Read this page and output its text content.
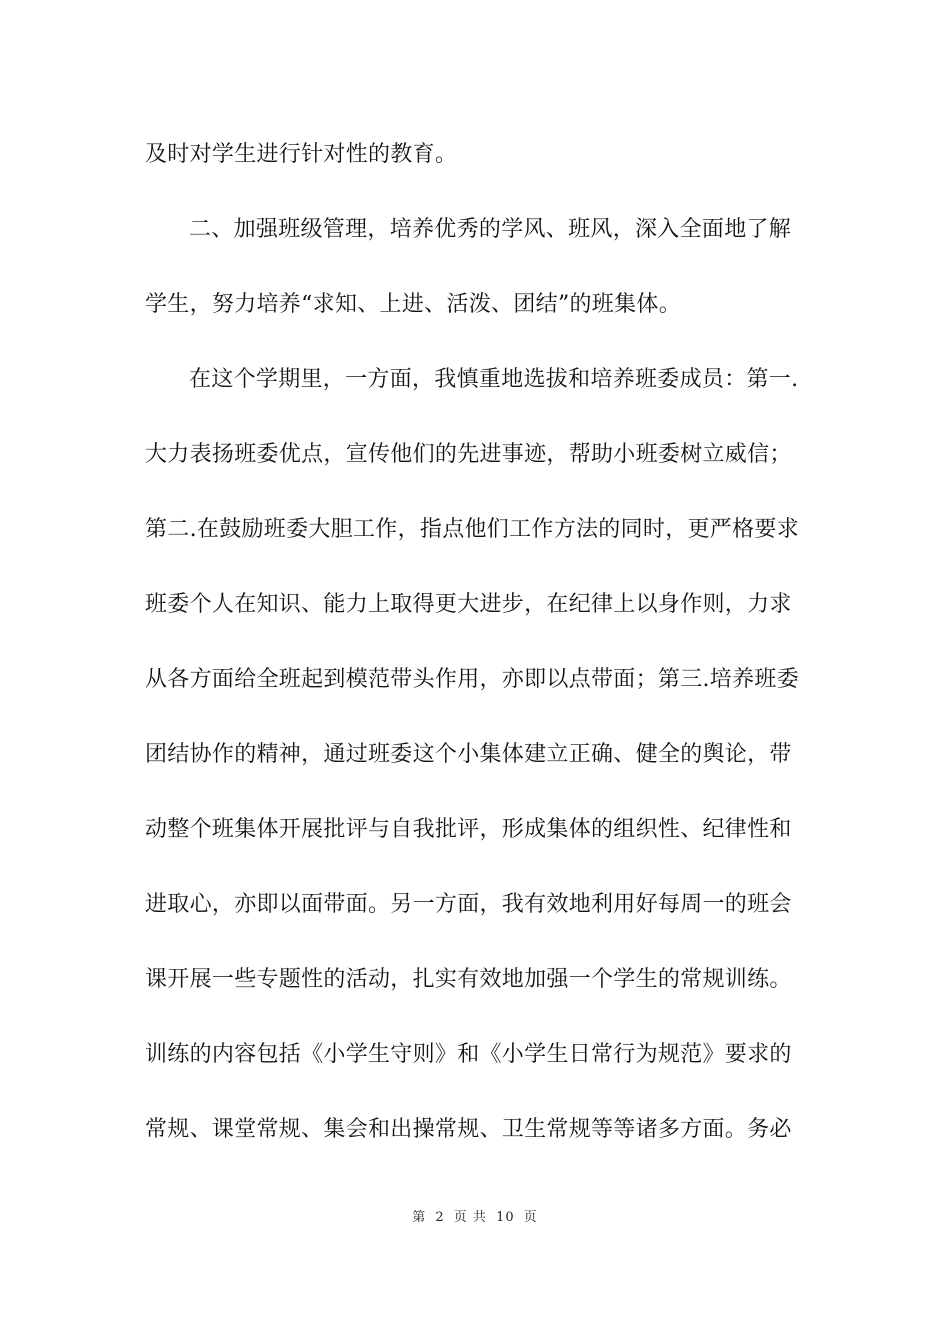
及时对学生进行针对性的教育。
二、加强班级管理，培养优秀的学风、班风，深入全面地了解
学生，努力培养“求知、上进、活泼、团结”的班集体。
在这个学期里，一方面，我慎重地选拔和培养班委成员：第一.
大力表扬班委优点，宣传他们的先进事迹，帮助小班委树立威信；
第二.在鼓励班委大胆工作，指点他们工作方法的同时，更严格要求
班委个人在知识、能力上取得更大进步，在纪律上以身作则，力求
从各方面给全班起到模范带头作用，亦即以点带面；第三.培养班委
团结协作的精神，通过班委这个小集体建立正确、健全的舆论，带
动整个班集体开展批评与自我批评，形成集体的组织性、纪律性和
进取心，亦即以面带面。另一方面，我有效地利用好每周一的班会
课开展一些专题性的活动，扎实有效地加强一个学生的常规训练。
训练的内容包括《小学生守则》和《小学生日常行为规范》要求的
常规、课堂常规、集会和出操常规、卫生常规等等诸多方面。务必
第 2 页 共 10 页
